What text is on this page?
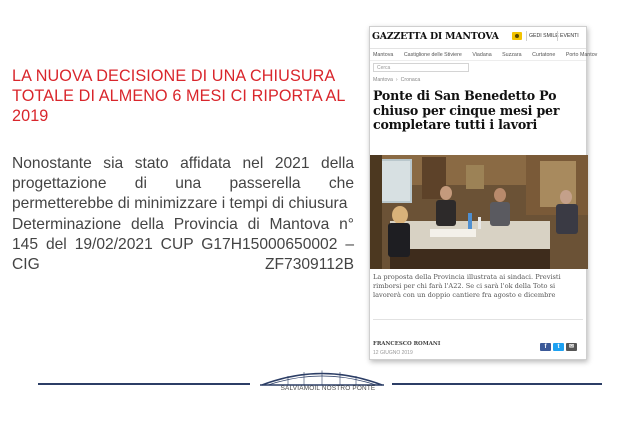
LA NUOVA DECISIONE DI UNA CHIUSURA TOTALE DI ALMENO 6 MESI CI RIPORTA AL 2019

Nonostante sia stato affidata nel 2021 della progettazione di una passerella che permetterebbe di minimizzare i tempi di chiusura

Determinazione della Provincia di Mantova n° 145 del 19/02/2021 CUP G17H15000650002 – CIG ZF7309112B

GAZZETTA DI MANTOVA	GEDI SMILE EVENTI
Mantova Castiglione delle Stiviere Viadana Suzzara Curtatone Porto Mantov
Cerca
Mantova › Cronaca
Ponte di San Benedetto Po chiuso per cinque mesi per completare tutti i lavori
La proposta della Provincia illustrata ai sindaci. Previsti rimborsi per chi farà l'A22. Se ci sarà l'ok della Toto si lavorerà con un doppio cantiere fra agosto e dicembre
FRANCESCO ROMANI
12 GIUGNO 2019
f	t	✉
SALVIAMOIL NOSTRO PONTE
